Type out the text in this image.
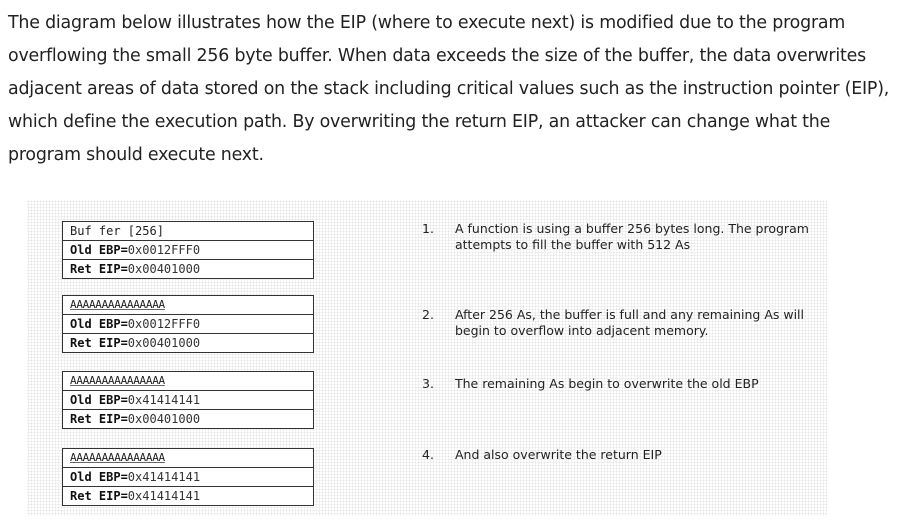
The diagram below illustrates how the EIP (where to execute next) is modified due to the program overflowing the small 256 byte buffer. When data exceeds the size of the buffer, the data overwrites adjacent areas of data stored on the stack including critical values such as the instruction pointer (EIP), which define the execution path. By overwriting the return EIP, an attacker can change what the program should execute next.

Buf fer [256]
Old EBP=0x0012FFF0
Ret EIP=0x00401000
AAAAAAAAAAAAAAA
Old EBP=0x0012FFF0
Ret EIP=0x00401000
AAAAAAAAAAAAAAA
Old EBP=0x41414141
Ret EIP=0x00401000
AAAAAAAAAAAAAAA
Old EBP=0x41414141
Ret EIP=0x41414141
1. A function is using a buffer 256 bytes long. The program attempts to fill the buffer with 512 As
2. After 256 As, the buffer is full and any remaining As will begin to overflow into adjacent memory.
3. The remaining As begin to overwrite the old EBP
4. And also overwrite the return EIP
